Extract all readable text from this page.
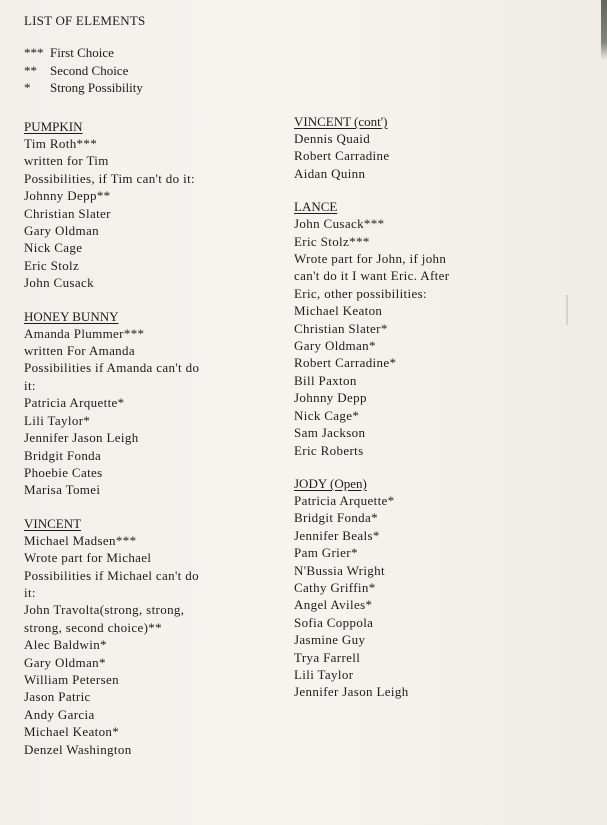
LIST OF ELEMENTS
*** First Choice
**	Second Choice
*	Strong Possibility
PUMPKIN
Tim Roth***
written for Tim
Possibilities, if Tim can't do it:
Johnny Depp**
Christian Slater
Gary Oldman
Nick Cage
Eric Stolz
John Cusack
HONEY BUNNY
Amanda Plummer***
written For Amanda
Possibilities if Amanda can't do
it:
Patricia Arquette*
Lili Taylor*
Jennifer Jason Leigh
Bridgit Fonda
Phoebie Cates
Marisa Tomei
VINCENT
Michael Madsen***
Wrote part for Michael
Possibilities if Michael can't do
it:
John Travolta(strong, strong,
strong, second choice)**
Alec Baldwin*
Gary Oldman*
William Petersen
Jason Patric
Andy Garcia
Michael Keaton*
Denzel Washington
VINCENT (cont')
Dennis Quaid
Robert Carradine
Aidan Quinn
LANCE
John Cusack***
Eric Stolz***
Wrote part for John, if john
can't do it I want Eric. After
Eric, other possibilities:
Michael Keaton
Christian Slater*
Gary Oldman*
Robert Carradine*
Bill Paxton
Johnny Depp
Nick Cage*
Sam Jackson
Eric Roberts
JODY (Open)
Patricia Arquette*
Bridgit Fonda*
Jennifer Beals*
Pam Grier*
N'Bussia Wright
Cathy Griffin*
Angel Aviles*
Sofia Coppola
Jasmine Guy
Trya Farrell
Lili Taylor
Jennifer Jason Leigh
